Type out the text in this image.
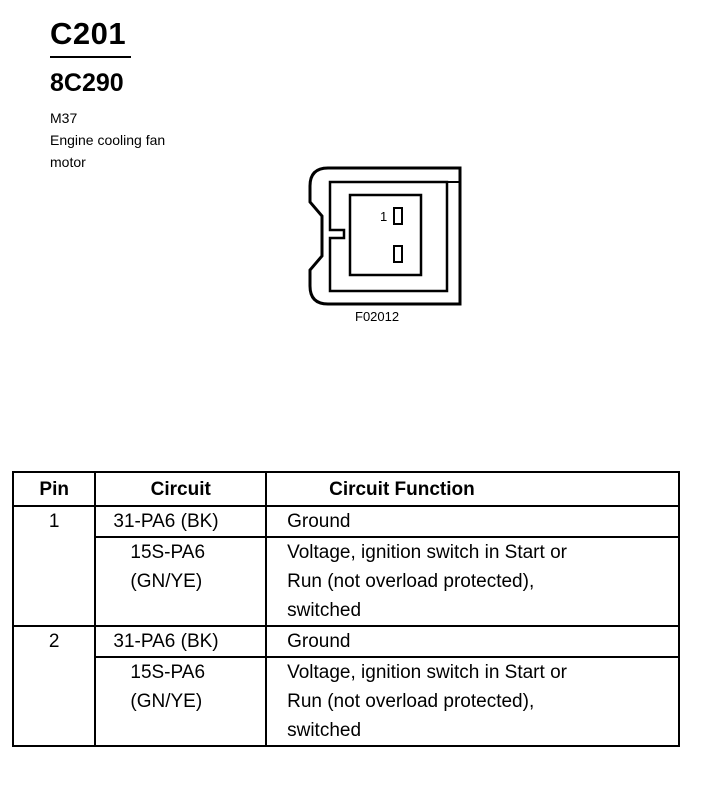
C201
8C290
M37
Engine cooling fan
motor
1
F02012
Pin	Circuit	Circuit Function
1	31-PA6 (BK)	Ground

	15S-PA6
(GN/YE)	Voltage, ignition switch in Start or
Run (not overload protected),
switched

2	31-PA6 (BK)	Ground

	15S-PA6
(GN/YE)	Voltage, ignition switch in Start or
Run (not overload protected),
switched
